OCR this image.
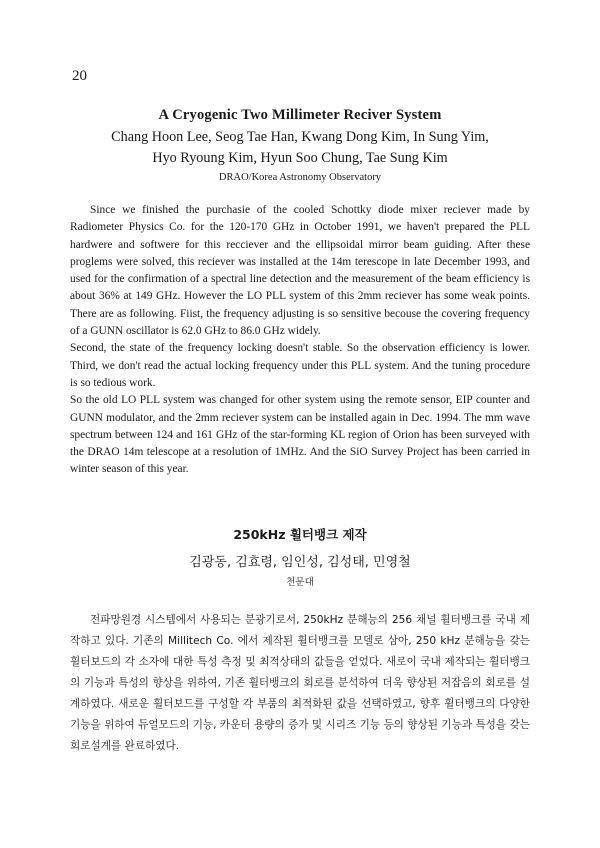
20
A Cryogenic Two Millimeter Reciver System
Chang Hoon Lee, Seog Tae Han, Kwang Dong Kim, In Sung Yim,
Hyo Ryoung Kim, Hyun Soo Chung, Tae Sung Kim
DRAO/Korea Astronomy Observatory

Since we finished the purchasie of the cooled Schottky diode mixer reciever made by Radiometer Physics Co. for the 120-170 GHz in October 1991, we haven't prepared the PLL hardwere and softwere for this recciever and the ellipsoidal mirror beam guiding. After these proglems were solved, this reciever was installed at the 14m terescope in late December 1993, and used for the confirmation of a spectral line detection and the measurement of the beam efficiency is about 36% at 149 GHz. However the LO PLL system of this 2mm reciever has some weak points. There are as following. Fiist, the frequency adjusting is so sensitive becouse the covering frequency of a GUNN oscillator is 62.0 GHz to 86.0 GHz widely.

Second, the state of the frequency locking doesn't stable. So the observation efficiency is lower. Third, we don't read the actual locking frequency under this PLL system. And the tuning procedure is so tedious work.

So the old LO PLL system was changed for other system using the remote sensor, EIP counter and GUNN modulator, and the 2mm reciever system can be installed again in Dec. 1994. The mm wave spectrum between 124 and 161 GHz of the star-forming KL region of Orion has been surveyed with the DRAO 14m telescope at a resolution of 1MHz. And the SiO Survey Project has been carried in winter season of this year.

250kHz 휠터뱅크 제작
김광동, 김효령, 임인성, 김성태, 민영철
천문대

전파망원경 시스템에서 사용되는 분광기로서, 250kHz 분해능의 256 채널 휠터뱅크를 국내 제작하고 있다. 기존의 Millitech Co. 에서 제작된 휠터뱅크를 모델로 삼아, 250 kHz 분해능을 갖는 휠터보드의 각 소자에 대한 특성 측정 및 최적상태의 값들을 얻었다. 새로이 국내 제작되는 휠터뱅크의 기능과 특성의 향상을 위하여, 기존 휠터뱅크의 회로를 분석하여 더욱 향상된 저잡음의 회로를 설계하였다. 새로운 휠터보드를 구성할 각 부품의 최적화된 값을 선택하였고, 향후 휠터뱅크의 다양한 기능을 위하여 듀얼모드의 기능, 카운터 용량의 증가 및 시리즈 기능 등의 향상된 기능과 특성을 갖는 회로설계를 완료하였다.
